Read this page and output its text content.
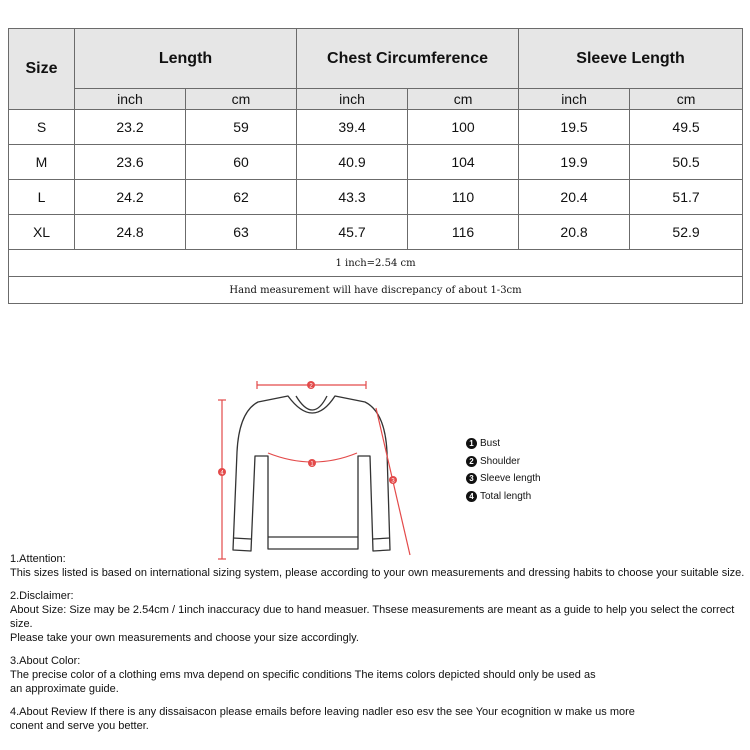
Size	Length		Chest Circumference		Sleeve Length	
	inch	cm	inch	cm	inch	cm
S	23.2	59	39.4	100	19.5	49.5
M	23.6	60	40.9	104	19.9	50.5
L	24.2	62	43.3	110	20.4	51.7
XL	24.8	63	45.7	116	20.8	52.9
1 inch=2.54 cm						
Hand measurement will have discrepancy of about 1-3cm						
2
1
4
3
1 Bust
2 Shoulder
3 Sleeve length
4 Total length

1.Attention:
This sizes listed is based on international sizing system, please according to your own measurements and dressing habits to choose your suitable size.

2.Disclaimer:
About Size: Size may be 2.54cm / 1inch inaccuracy due to hand measuer. Thsese measurements are meant as a guide to help you select the correct size.
Please take your own measurements and choose your size accordingly.

3.About Color:
The precise color of a clothing ems mva depend on specific conditions The items colors depicted should only be used as
an approximate guide.

4.About Review If there is any dissaisacon please emails before leaving nadler eso esv the see Your ecognition w make us more
conent and serve you better.
